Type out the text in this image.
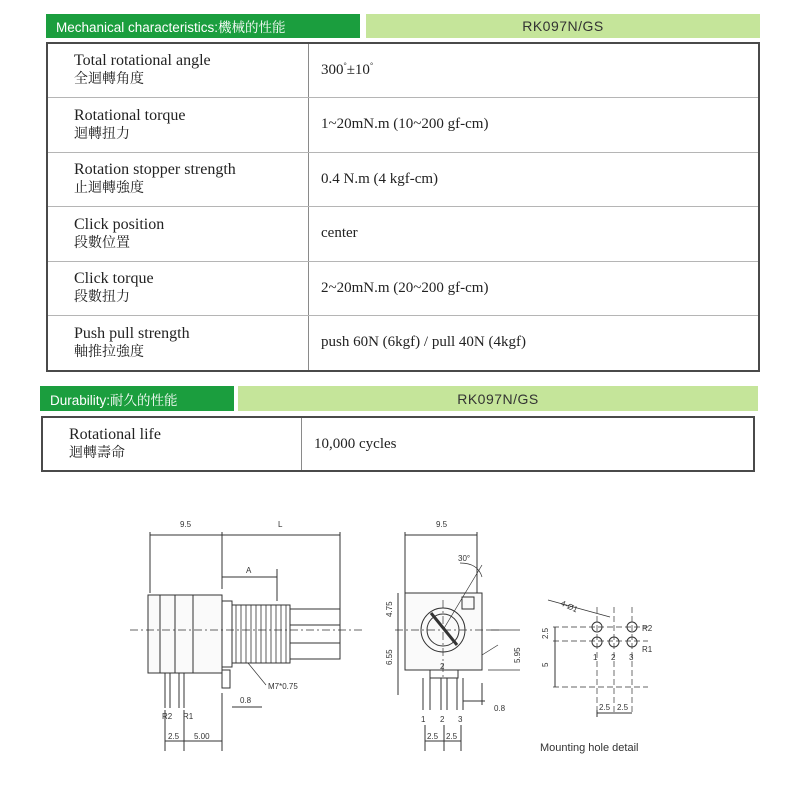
Mechanical characteristics:機械的性能	RK097N/GS
Total rotational angle
全迴轉角度	300°±10°

Rotational torque
迴轉扭力	1~20mN.m (10~200 gf-cm)

Rotation stopper strength
止迴轉強度	0.4 N.m (4 kgf-cm)

Click position
段數位置	center

Click torque
段數扭力	2~20mN.m (20~200 gf-cm)

Push pull strength
軸推拉強度	push 60N (6kgf) / pull 40N (4kgf)
Durability:耐久的性能	RK097N/GS
Rotational life
迴轉壽命
	10,000 cycles
9.5	L
A
M7*0.75
0.8
R2 R1
2.5 5.00
9.5
30°
4.75
6.55	5.95
2
1 2 3
2.5 2.5
0.8
4-Ø1
2.5
5
R2
R1
1 2 3
2.5 2.5
Mounting hole detail
